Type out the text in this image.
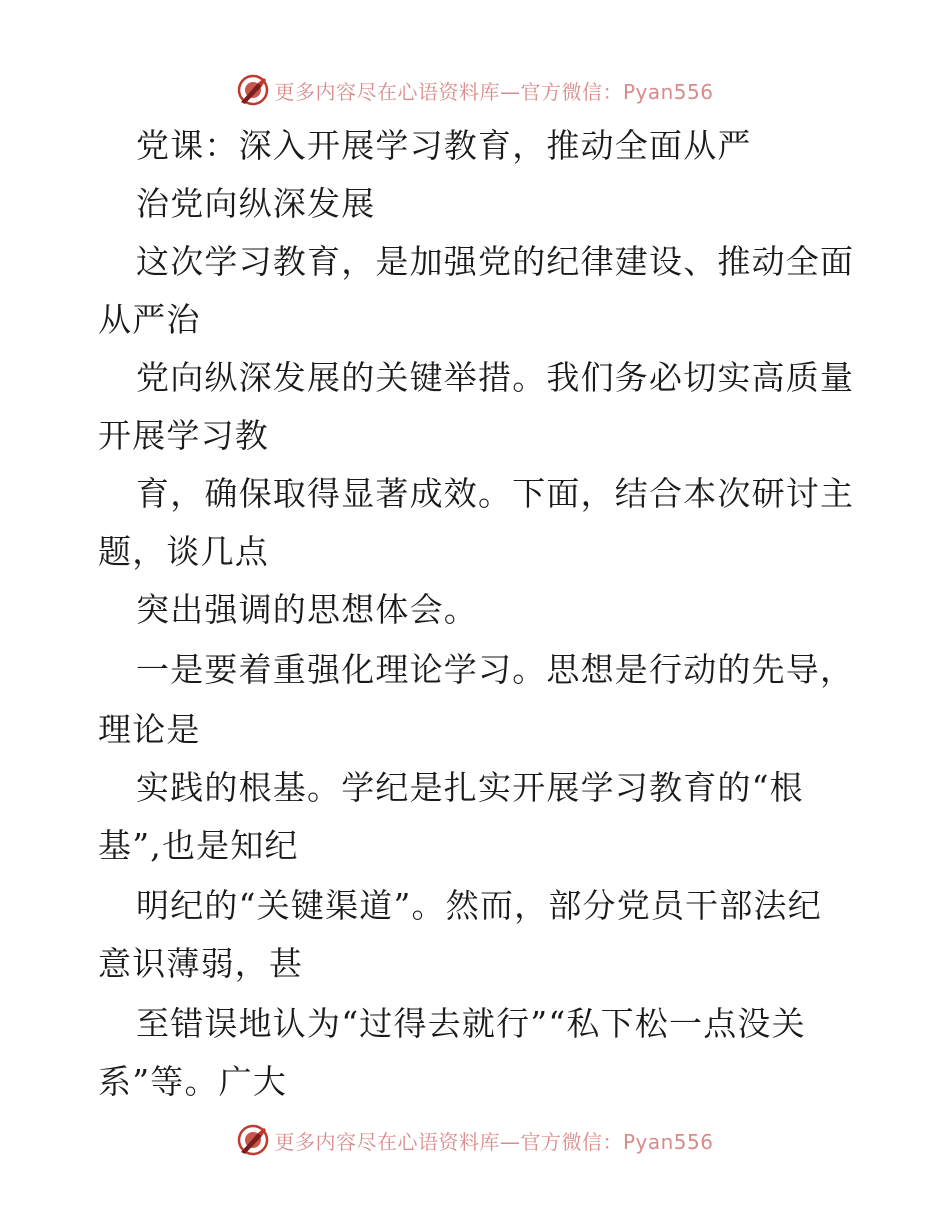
更多内容尽在心语资料库—官方微信：Pyan556
党课：深入开展学习教育，推动全面从严
治党向纵深发展
这次学习教育，是加强党的纪律建设、推动全面
从严治
党向纵深发展的关键举措。我们务必切实高质量
开展学习教
育，确保取得显著成效。下面，结合本次研讨主
题，谈几点
突出强调的思想体会。
一是要着重强化理论学习。思想是行动的先导，
理论是
实践的根基。学纪是扎实开展学习教育的“根
基”,也是知纪
明纪的“关键渠道”。然而，部分党员干部法纪
意识薄弱，甚
至错误地认为“过得去就行”“私下松一点没关
系”等。广大
更多内容尽在心语资料库—官方微信：Pyan556
